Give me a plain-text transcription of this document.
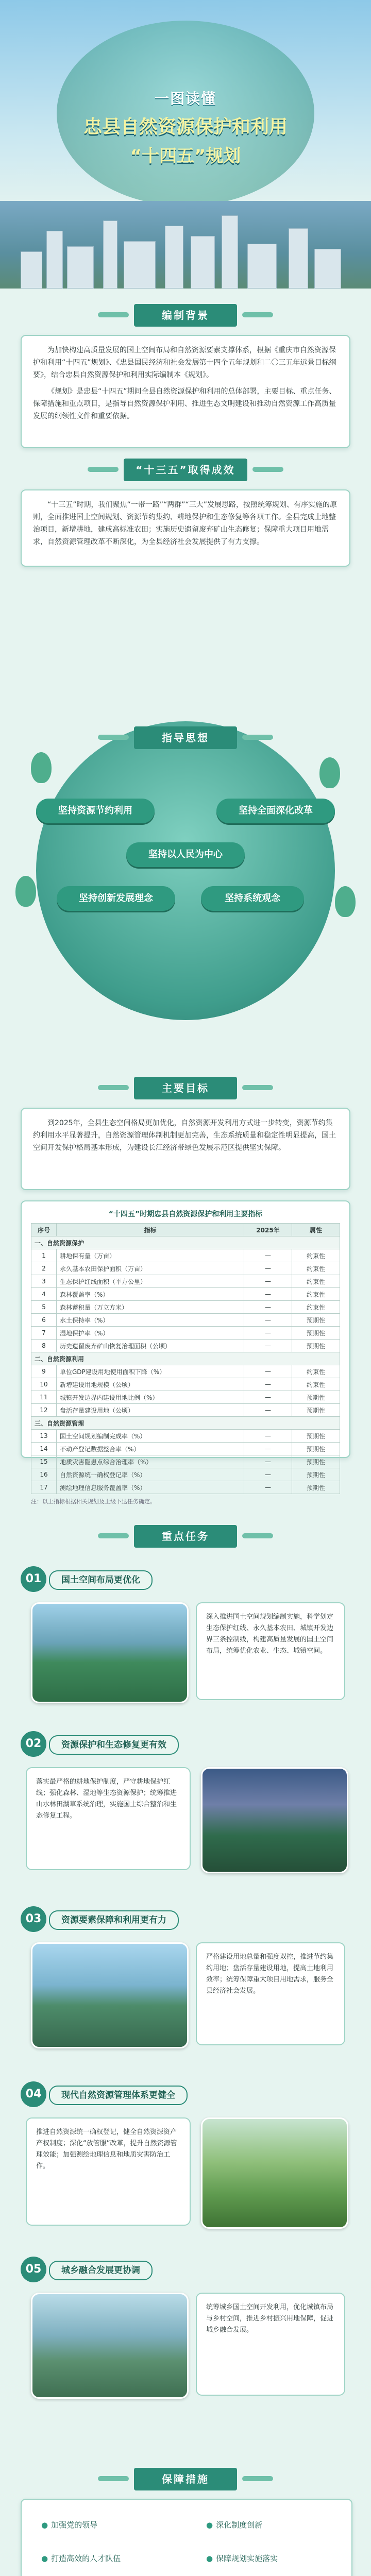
一图读懂
忠县自然资源保护和利用
“十四五”规划
编制背景

为加快构建高质量发展的国土空间布局和自然资源要素支撑体系，根据《重庆市自然资源保护和利用“十四五”规划》、《忠县国民经济和社会发展第十四个五年规划和二〇三五年远景目标纲要》，结合忠县自然资源保护和利用实际编制本《规划》。

《规划》是忠县“十四五”期间全县自然资源保护和利用的总体部署，主要目标、重点任务、保障措施和重点项目，是指导自然资源保护利用、推进生态文明建设和推动自然资源工作高质量发展的纲领性文件和重要依据。

“十三五”取得成效

“十三五”时期，我们聚焦“一带一路”“两群”“三大”发展思路，按照统筹规划、有序实施的原则，全面推进国土空间规划、资源节约集约、耕地保护和生态修复等各项工作。全县完成土地整治项目，新增耕地，建成高标准农田；实施历史遗留废弃矿山生态修复；保障重大项目用地需求，自然资源管理改革不断深化，为全县经济社会发展提供了有力支撑。

指导思想
坚持资源节约利用	坚持全面深化改革
坚持以人民为中心
坚持创新发展理念	坚持系统观念
主要目标

到2025年，全县生态空间格局更加优化，自然资源开发利用方式进一步转变，资源节约集约利用水平显著提升，自然资源管理体制机制更加完善，生态系统质量和稳定性明显提高，国土空间开发保护格局基本形成，为建设长江经济带绿色发展示范区提供坚实保障。

“十四五”时期忠县自然资源保护和利用主要指标
序号	指标	2025年	属性
一、自然资源保护			
1	耕地保有量（万亩）	—	约束性
2	永久基本农田保护面积（万亩）	—	约束性
3	生态保护红线面积（平方公里）	—	约束性
4	森林覆盖率（%）	—	约束性
5	森林蓄积量（万立方米）	—	约束性
6	水土保持率（%）	—	预期性
7	湿地保护率（%）	—	预期性
8	历史遗留废弃矿山恢复治理面积（公顷）	—	预期性
二、自然资源利用			
9	单位GDP建设用地使用面积下降（%）	—	约束性
10	新增建设用地规模（公顷）	—	约束性
11	城镇开发边界内建设用地比例（%）	—	预期性
12	盘活存量建设用地（公顷）	—	预期性
三、自然资源管理			
13	国土空间规划编制完成率（%）	—	预期性
14	不动产登记数据整合率（%）	—	预期性
15	地质灾害隐患点综合治理率（%）	—	预期性
16	自然资源统一确权登记率（%）	—	预期性
17	测绘地理信息服务覆盖率（%）	—	预期性
注：以上指标根据相关规划及上级下达任务确定。
重点任务
01	国土空间布局更优化
深入推进国土空间规划编制实施，科学划定生态保护红线、永久基本农田、城镇开发边界三条控制线，构建高质量发展的国土空间布局，统筹优化农业、生态、城镇空间。
02	资源保护和生态修复更有效
落实最严格的耕地保护制度，严守耕地保护红线；强化森林、湿地等生态资源保护；统筹推进山水林田湖草系统治理，实施国土综合整治和生态修复工程。
03	资源要素保障和利用更有力
严格建设用地总量和强度双控，推进节约集约用地；盘活存量建设用地，提高土地利用效率；统筹保障重大项目用地需求，服务全县经济社会发展。
04	现代自然资源管理体系更健全
推进自然资源统一确权登记，健全自然资源资产产权制度；深化“放管服”改革，提升自然资源管理效能；加强测绘地理信息和地质灾害防治工作。
05	城乡融合发展更协调
统筹城乡国土空间开发利用，优化城镇布局与乡村空间，推进乡村振兴用地保障，促进城乡融合发展。
保障措施
● 加强党的领导
● 打造高效的人才队伍
● 深化制度创新
● 保障规划实施落实
